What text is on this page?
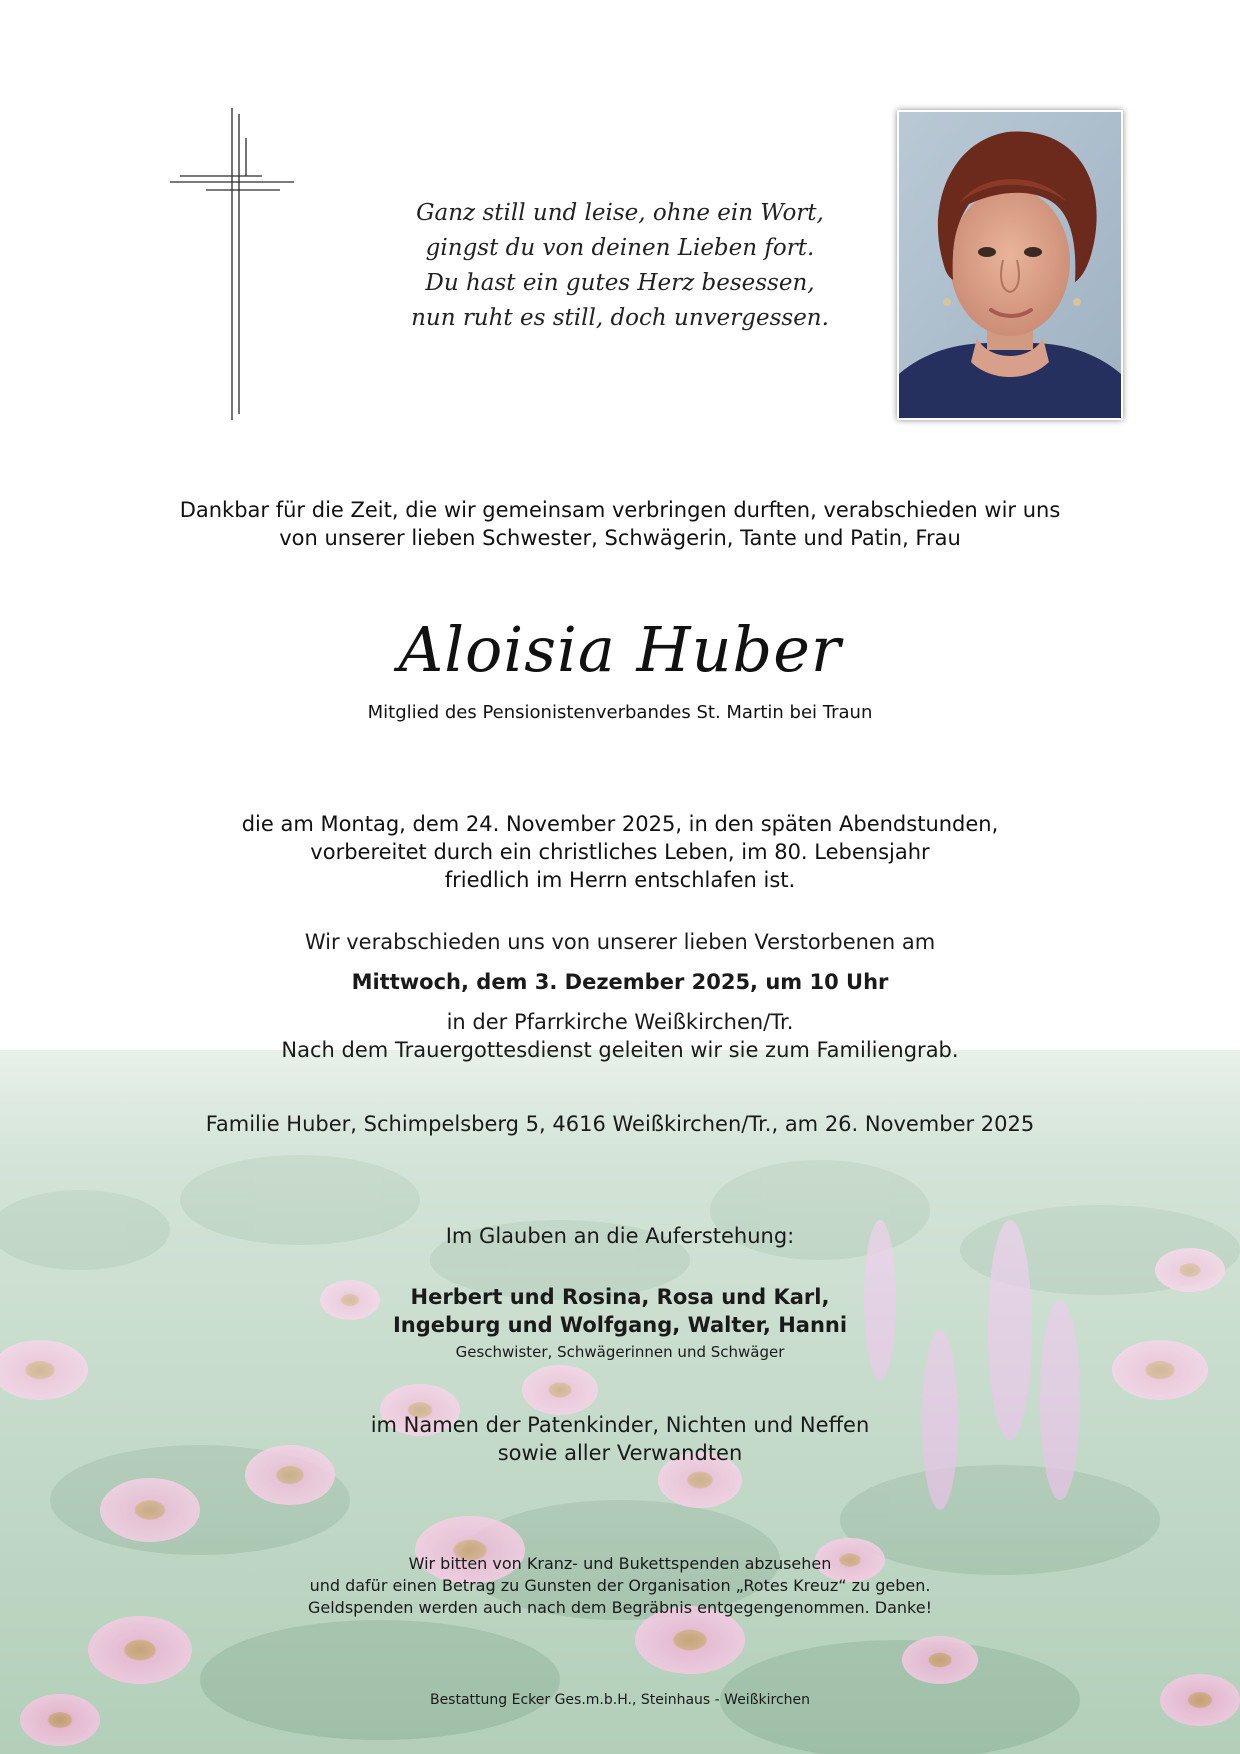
Ganz still und leise, ohne ein Wort,
gingst du von deinen Lieben fort.
Du hast ein gutes Herz besessen,
nun ruht es still, doch unvergessen.

Dankbar für die Zeit, die wir gemeinsam verbringen durften, verabschieden wir uns
von unserer lieben Schwester, Schwägerin, Tante und Patin, Frau

Aloisia Huber

Mitglied des Pensionistenverbandes St. Martin bei Traun

die am Montag, dem 24. November 2025, in den späten Abendstunden,
vorbereitet durch ein christliches Leben, im 80. Lebensjahr
friedlich im Herrn entschlafen ist.

Wir verabschieden uns von unserer lieben Verstorbenen am

Mittwoch, dem 3. Dezember 2025, um 10 Uhr

in der Pfarrkirche Weißkirchen/Tr.
Nach dem Trauergottesdienst geleiten wir sie zum Familiengrab.

Familie Huber, Schimpelsberg 5, 4616 Weißkirchen/Tr., am 26. November 2025

Im Glauben an die Auferstehung:

Herbert und Rosina, Rosa und Karl,
Ingeburg und Wolfgang, Walter, Hanni

Geschwister, Schwägerinnen und Schwäger

im Namen der Patenkinder, Nichten und Neffen
sowie aller Verwandten

Wir bitten von Kranz- und Bukettspenden abzusehen
und dafür einen Betrag zu Gunsten der Organisation „Rotes Kreuz“ zu geben.
Geldspenden werden auch nach dem Begräbnis entgegengenommen. Danke!

Bestattung Ecker Ges.m.b.H., Steinhaus - Weißkirchen
